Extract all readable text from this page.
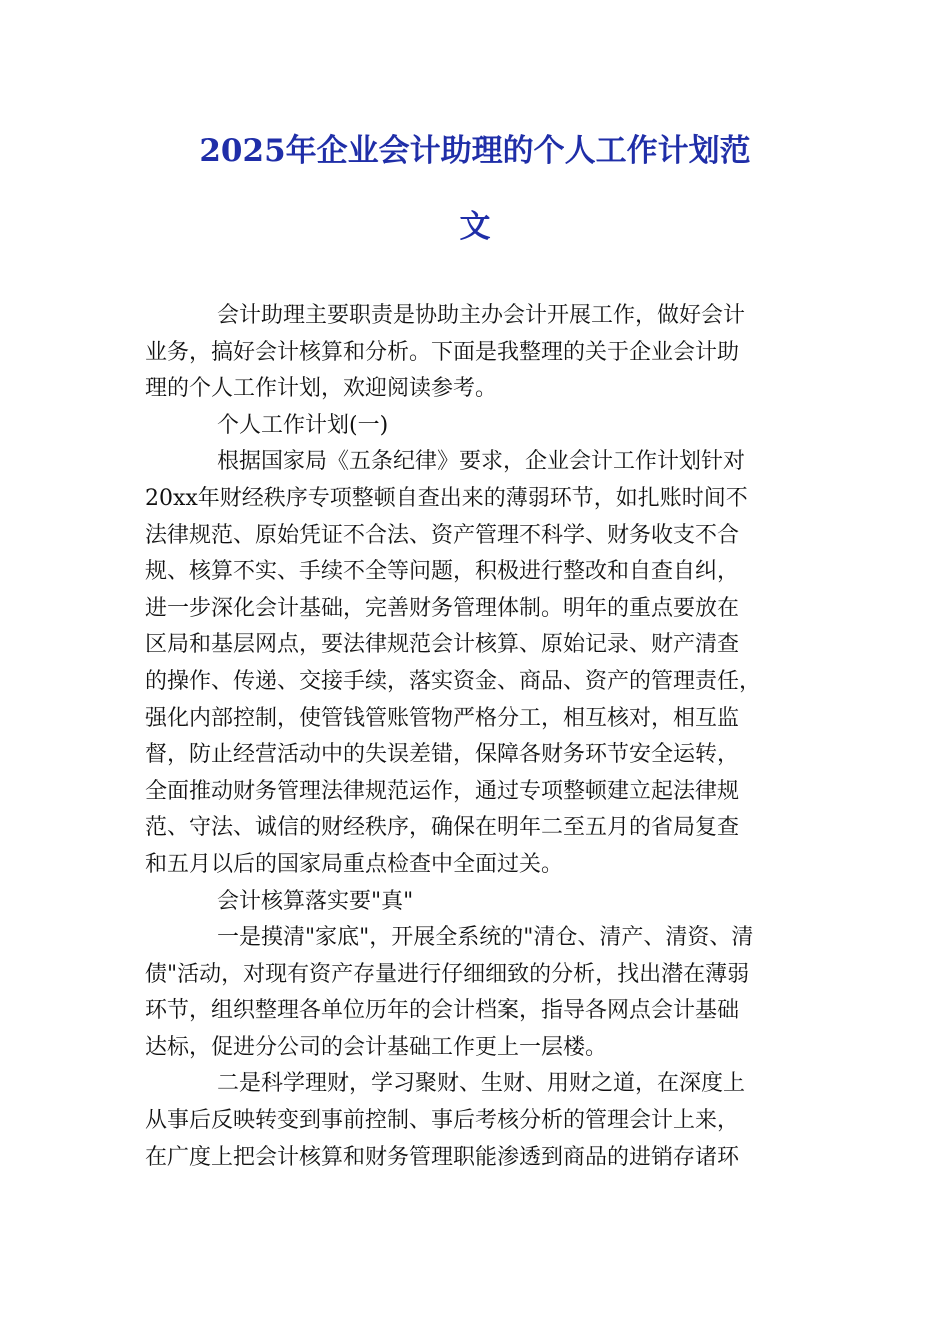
2025年企业会计助理的个人工作计划范
文
会计助理主要职责是协助主办会计开展工作，做好会计
业务，搞好会计核算和分析。下面是我整理的关于企业会计助
理的个人工作计划，欢迎阅读参考。
个人工作计划(一)
根据国家局《五条纪律》要求，企业会计工作计划针对
20xx年财经秩序专项整顿自查出来的薄弱环节，如扎账时间不
法律规范、原始凭证不合法、资产管理不科学、财务收支不合
规、核算不实、手续不全等问题，积极进行整改和自查自纠，
进一步深化会计基础，完善财务管理体制。明年的重点要放在
区局和基层网点，要法律规范会计核算、原始记录、财产清查
的操作、传递、交接手续，落实资金、商品、资产的管理责任，
强化内部控制，使管钱管账管物严格分工，相互核对，相互监
督，防止经营活动中的失误差错，保障各财务环节安全运转，
全面推动财务管理法律规范运作，通过专项整顿建立起法律规
范、守法、诚信的财经秩序，确保在明年二至五月的省局复查
和五月以后的国家局重点检查中全面过关。
会计核算落实要"真"
一是摸清"家底"，开展全系统的"清仓、清产、清资、清
债"活动，对现有资产存量进行仔细细致的分析，找出潜在薄弱
环节，组织整理各单位历年的会计档案，指导各网点会计基础
达标，促进分公司的会计基础工作更上一层楼。
二是科学理财，学习聚财、生财、用财之道，在深度上
从事后反映转变到事前控制、事后考核分析的管理会计上来，
在广度上把会计核算和财务管理职能渗透到商品的进销存诸环
